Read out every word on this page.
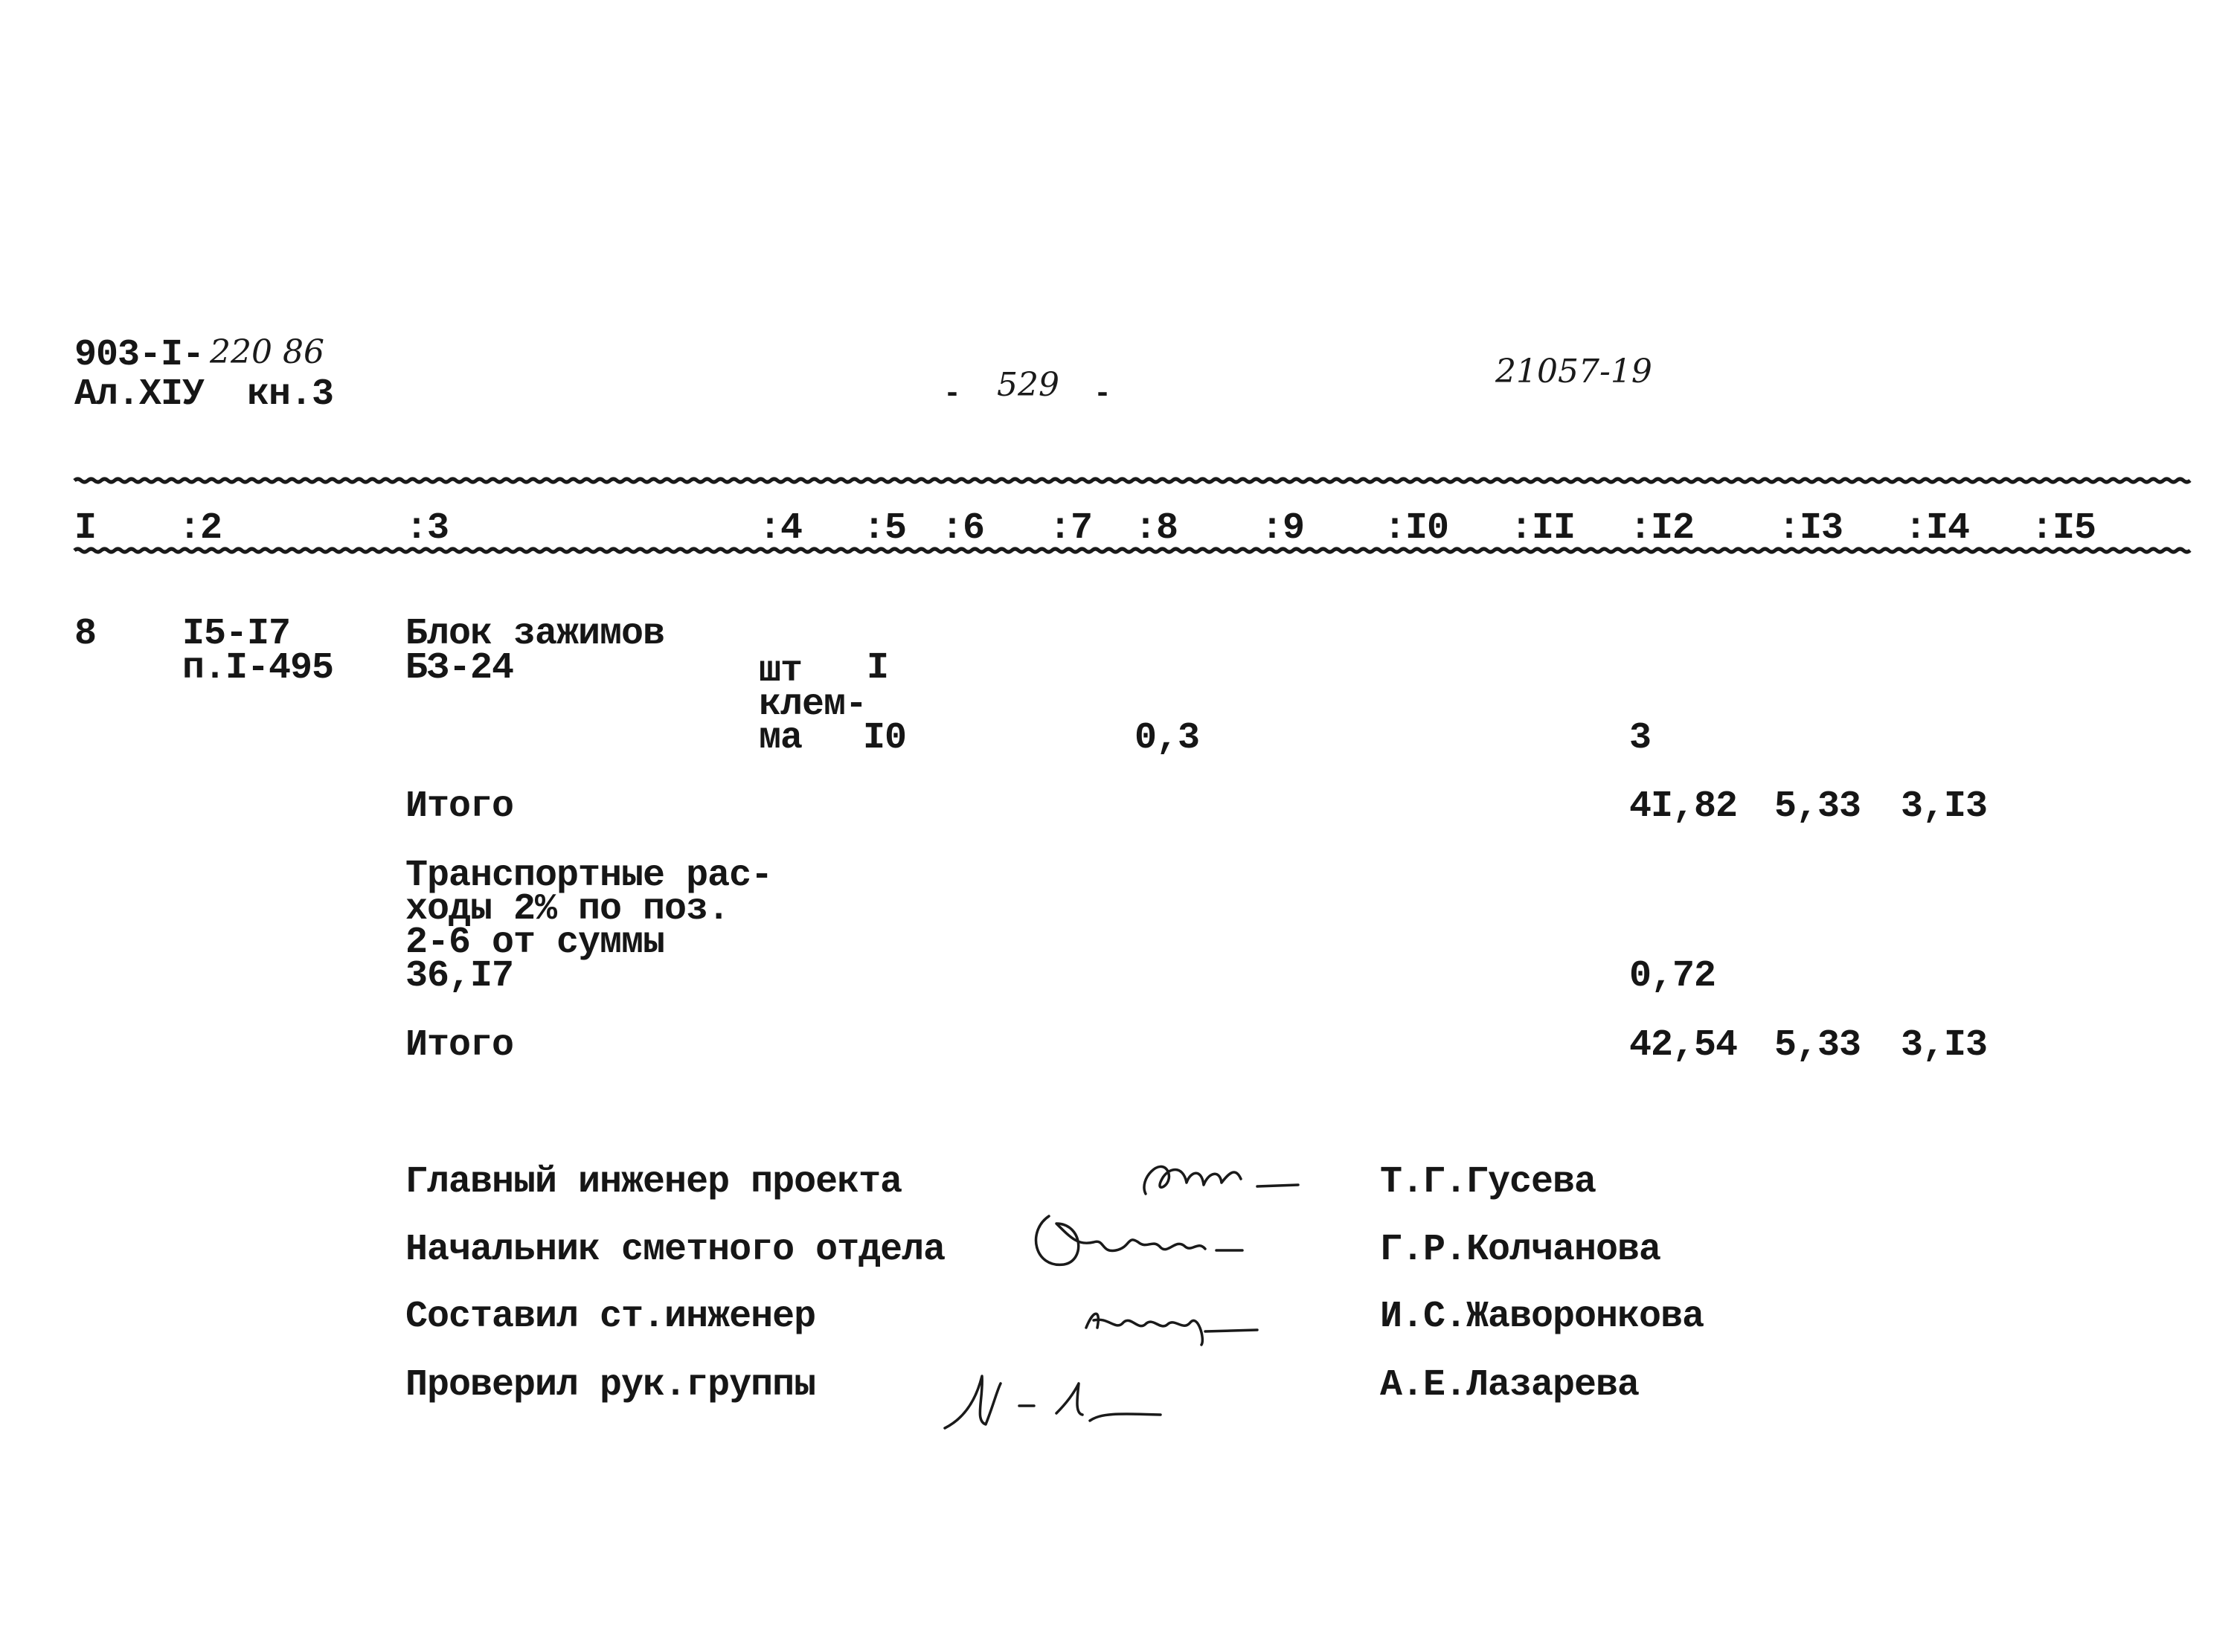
903-I- 220 86
Ал.XIУ  кн.3	- 529 -
21057-19
I :2	:3	:4 :5 :6 :7 :8 :9 :I0 :II :I2 :I3 :I4 :I5
8 I5-I7
п.I-495
Блок зажимов
БЗ-24	шт I
клем-
ма I0	0,3	3
Итого	4I,82 5,33 3,I3
Транспортные рас-
ходы 2% по поз.
2-6 от суммы
36,I7	0,72
Итого	42,54 5,33 3,I3
Главный инженер проекта	Т.Г.Гусева
Начальник сметного отдела	Г.Р.Колчанова
Составил ст.инженер	И.С.Жаворонкова
Проверил рук.группы	А.Е.Лазарева
